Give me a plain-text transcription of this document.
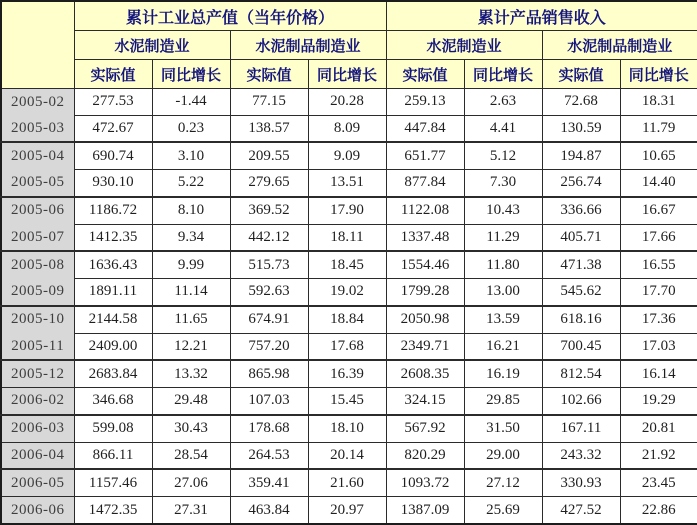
	累计工业总产值（当年价格）				累计产品销售收入			
	水泥制造业		水泥制品制造业		水泥制造业		水泥制品制造业	
	实际值	同比增长	实际值	同比增长	实际值	同比增长	实际值	同比增长
2005-02	277.53	-1.44	77.15	20.28	259.13	2.63	72.68	18.31
2005-03	472.67	0.23	138.57	8.09	447.84	4.41	130.59	11.79
2005-04	690.74	3.10	209.55	9.09	651.77	5.12	194.87	10.65
2005-05	930.10	5.22	279.65	13.51	877.84	7.30	256.74	14.40
2005-06	1186.72	8.10	369.52	17.90	1122.08	10.43	336.66	16.67
2005-07	1412.35	9.34	442.12	18.11	1337.48	11.29	405.71	17.66
2005-08	1636.43	9.99	515.73	18.45	1554.46	11.80	471.38	16.55
2005-09	1891.11	11.14	592.63	19.02	1799.28	13.00	545.62	17.70
2005-10	2144.58	11.65	674.91	18.84	2050.98	13.59	618.16	17.36
2005-11	2409.00	12.21	757.20	17.68	2349.71	16.21	700.45	17.03
2005-12	2683.84	13.32	865.98	16.39	2608.35	16.19	812.54	16.14
2006-02	346.68	29.48	107.03	15.45	324.15	29.85	102.66	19.29
2006-03	599.08	30.43	178.68	18.10	567.92	31.50	167.11	20.81
2006-04	866.11	28.54	264.53	20.14	820.29	29.00	243.32	21.92
2006-05	1157.46	27.06	359.41	21.60	1093.72	27.12	330.93	23.45
2006-06	1472.35	27.31	463.84	20.97	1387.09	25.69	427.52	22.86
